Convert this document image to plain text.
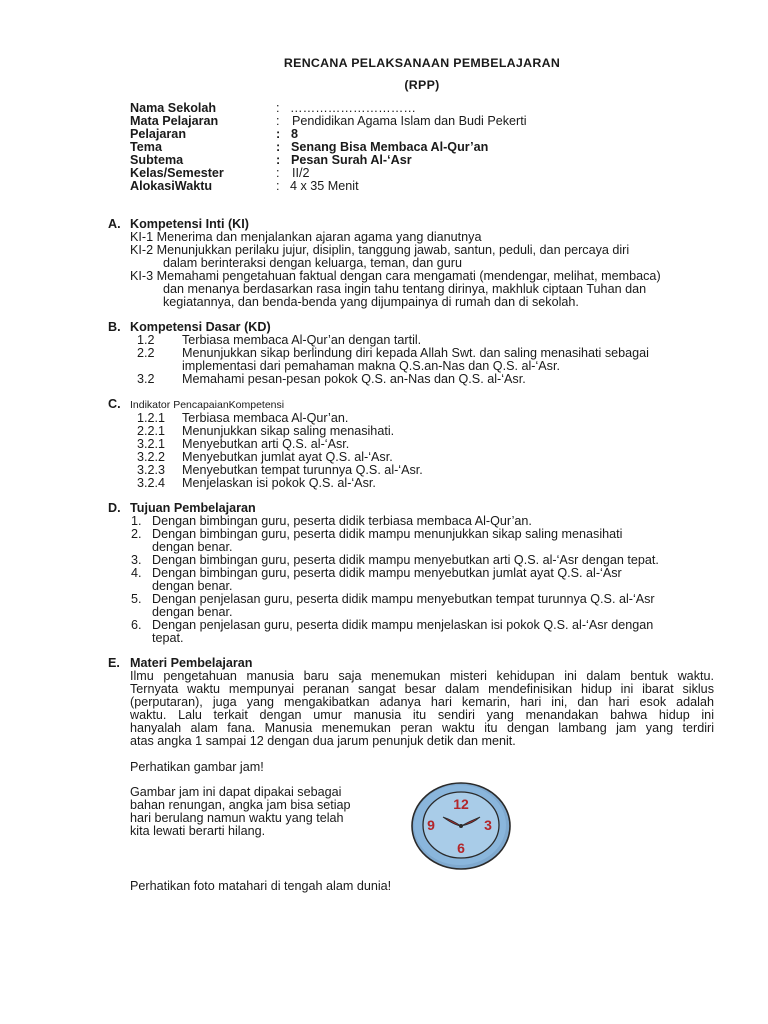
RENCANA PELAKSANAAN PEMBELAJARAN
(RPP)
Nama Sekolah	: …………………………
Mata Pelajaran	: Pendidikan Agama Islam dan Budi Pekerti
Pelajaran	: 8
Tema	: Senang Bisa Membaca Al-Qur’an
Subtema	: Pesan Surah Al-‘Asr
Kelas/Semester	: II/2
AlokasiWaktu	: 4 x 35 Menit
A. Kompetensi Inti (KI)
KI-1 Menerima dan menjalankan ajaran agama yang dianutnya
KI-2 Menunjukkan perilaku jujur, disiplin, tanggung jawab, santun, peduli, dan percaya diri
dalam berinteraksi dengan keluarga, teman, dan guru
KI-3 Memahami pengetahuan faktual dengan cara mengamati (mendengar, melihat, membaca)
dan menanya berdasarkan rasa ingin tahu tentang dirinya, makhluk ciptaan Tuhan dan
kegiatannya, dan benda-benda yang dijumpainya di rumah dan di sekolah.
B. Kompetensi Dasar (KD)
1.2 Terbiasa membaca Al-Qur’an dengan tartil.
2.2 Menunjukkan sikap berlindung diri kepada Allah Swt. dan saling menasihati sebagai
implementasi dari pemahaman makna Q.S.an-Nas dan Q.S. al-‘Asr.
3.2 Memahami pesan-pesan pokok Q.S. an-Nas dan Q.S. al-‘Asr.
C. Indikator PencapaianKompetensi
1.2.1 Terbiasa membaca Al-Qur’an.
2.2.1 Menunjukkan sikap saling menasihati.
3.2.1 Menyebutkan arti Q.S. al-‘Asr.
3.2.2 Menyebutkan jumlat ayat Q.S. al-‘Asr.
3.2.3 Menyebutkan tempat turunnya Q.S. al-‘Asr.
3.2.4 Menjelaskan isi pokok Q.S. al-‘Asr.
D. Tujuan Pembelajaran
1. Dengan bimbingan guru, peserta didik terbiasa membaca Al-Qur’an.
2. Dengan bimbingan guru, peserta didik mampu menunjukkan sikap saling menasihati
dengan benar.
3. Dengan bimbingan guru, peserta didik mampu menyebutkan arti Q.S. al-‘Asr dengan tepat.
4. Dengan bimbingan guru, peserta didik mampu menyebutkan jumlat ayat Q.S. al-‘Asr
dengan benar.
5. Dengan penjelasan guru, peserta didik mampu menyebutkan tempat turunnya Q.S. al-‘Asr
dengan benar.
6. Dengan penjelasan guru, peserta didik mampu menjelaskan isi pokok Q.S. al-‘Asr dengan
tepat.
E. Materi Pembelajaran
Ilmu pengetahuan manusia baru saja menemukan misteri kehidupan ini dalam bentuk waktu.
Ternyata waktu mempunyai peranan sangat besar dalam mendefinisikan hidup ini ibarat siklus
(perputaran), juga yang mengakibatkan adanya hari kemarin, hari ini, dan hari esok adalah
waktu. Lalu terkait dengan umur manusia itu sendiri yang menandakan bahwa hidup ini
hanyalah alam fana. Manusia menemukan peran waktu itu dengan lambang jam yang terdiri
atas angka 1 sampai 12 dengan dua jarum penunjuk detik dan menit.
Perhatikan gambar jam!
Gambar jam ini dapat dipakai sebagai
bahan renungan, angka jam bisa setiap
hari berulang namun waktu yang telah
kita lewati berarti hilang.
Perhatikan foto matahari di tengah alam dunia!
12
3
6
9
